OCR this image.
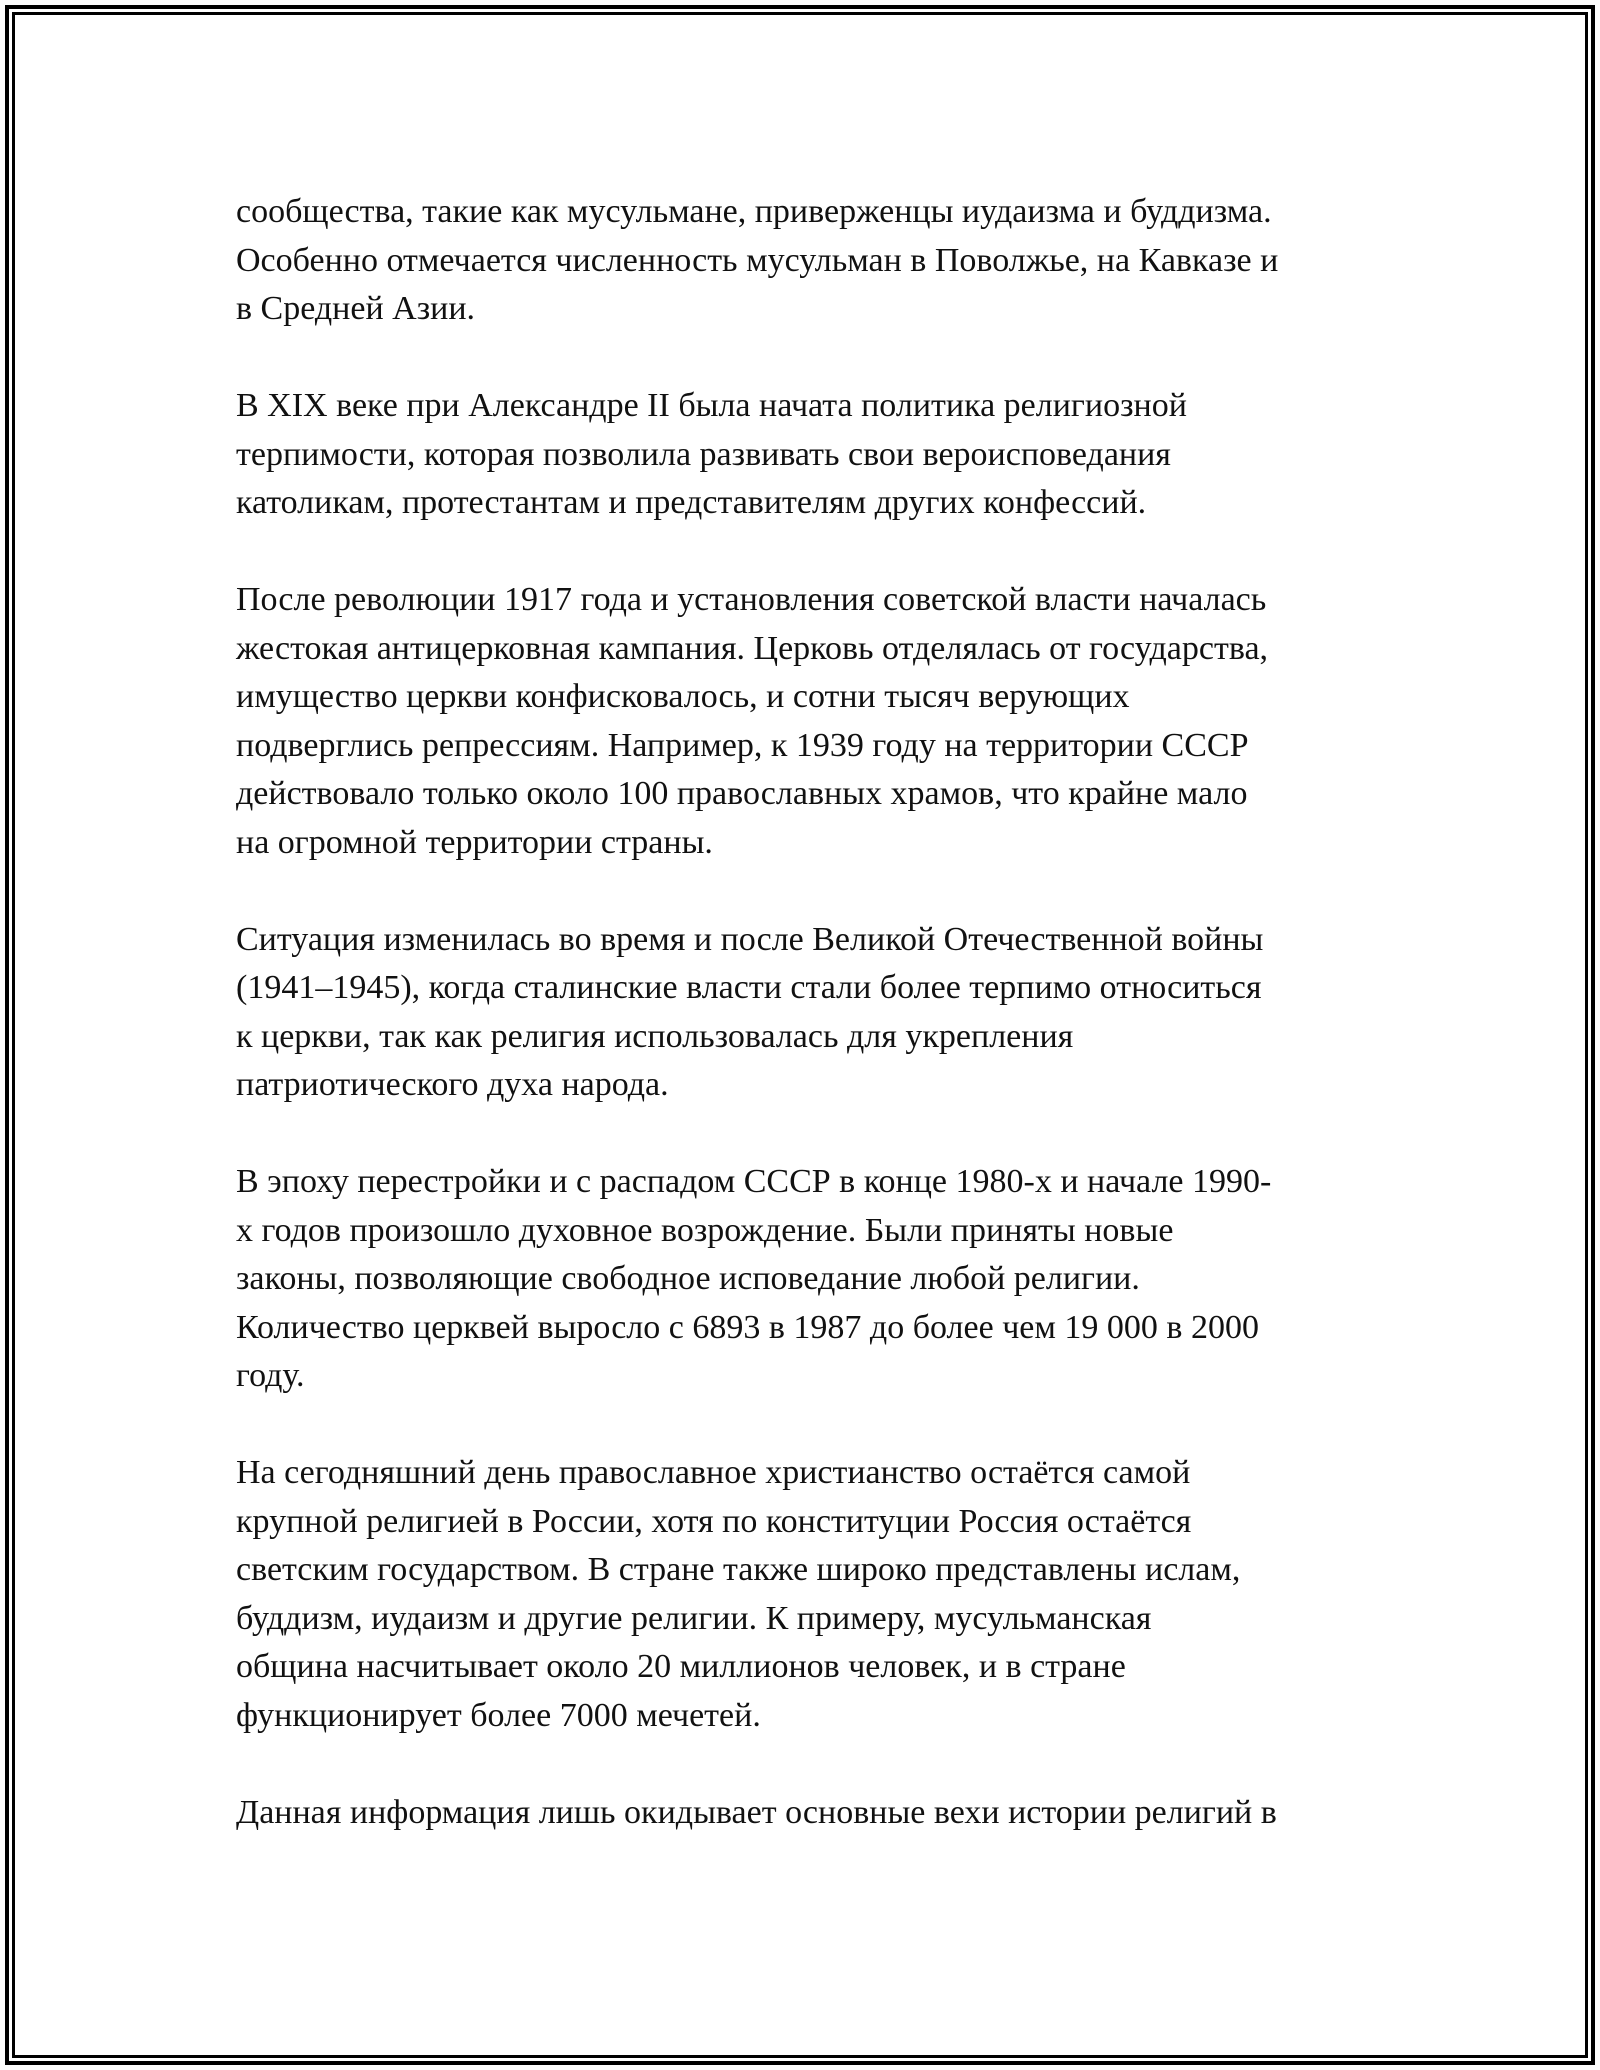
сообщества, такие как мусульмане, приверженцы иудаизма и буддизма.
Особенно отмечается численность мусульман в Поволжье, на Кавказе и
в Средней Азии.

В XIX веке при Александре II была начата политика религиозной
терпимости, которая позволила развивать свои вероисповедания
католикам, протестантам и представителям других конфессий.

После революции 1917 года и установления советской власти началась
жестокая антицерковная кампания. Церковь отделялась от государства,
имущество церкви конфисковалось, и сотни тысяч верующих
подверглись репрессиям. Например, к 1939 году на территории СССР
действовало только около 100 православных храмов, что крайне мало
на огромной территории страны.

Ситуация изменилась во время и после Великой Отечественной войны
(1941–1945), когда сталинские власти стали более терпимо относиться
к церкви, так как религия использовалась для укрепления
патриотического духа народа.

В эпоху перестройки и с распадом СССР в конце 1980-х и начале 1990-
х годов произошло духовное возрождение. Были приняты новые
законы, позволяющие свободное исповедание любой религии.
Количество церквей выросло с 6893 в 1987 до более чем 19 000 в 2000
году.

На сегодняшний день православное христианство остаётся самой
крупной религией в России, хотя по конституции Россия остаётся
светским государством. В стране также широко представлены ислам,
буддизм, иудаизм и другие религии. К примеру, мусульманская
община насчитывает около 20 миллионов человек, и в стране
функционирует более 7000 мечетей.

Данная информация лишь окидывает основные вехи истории религий в
